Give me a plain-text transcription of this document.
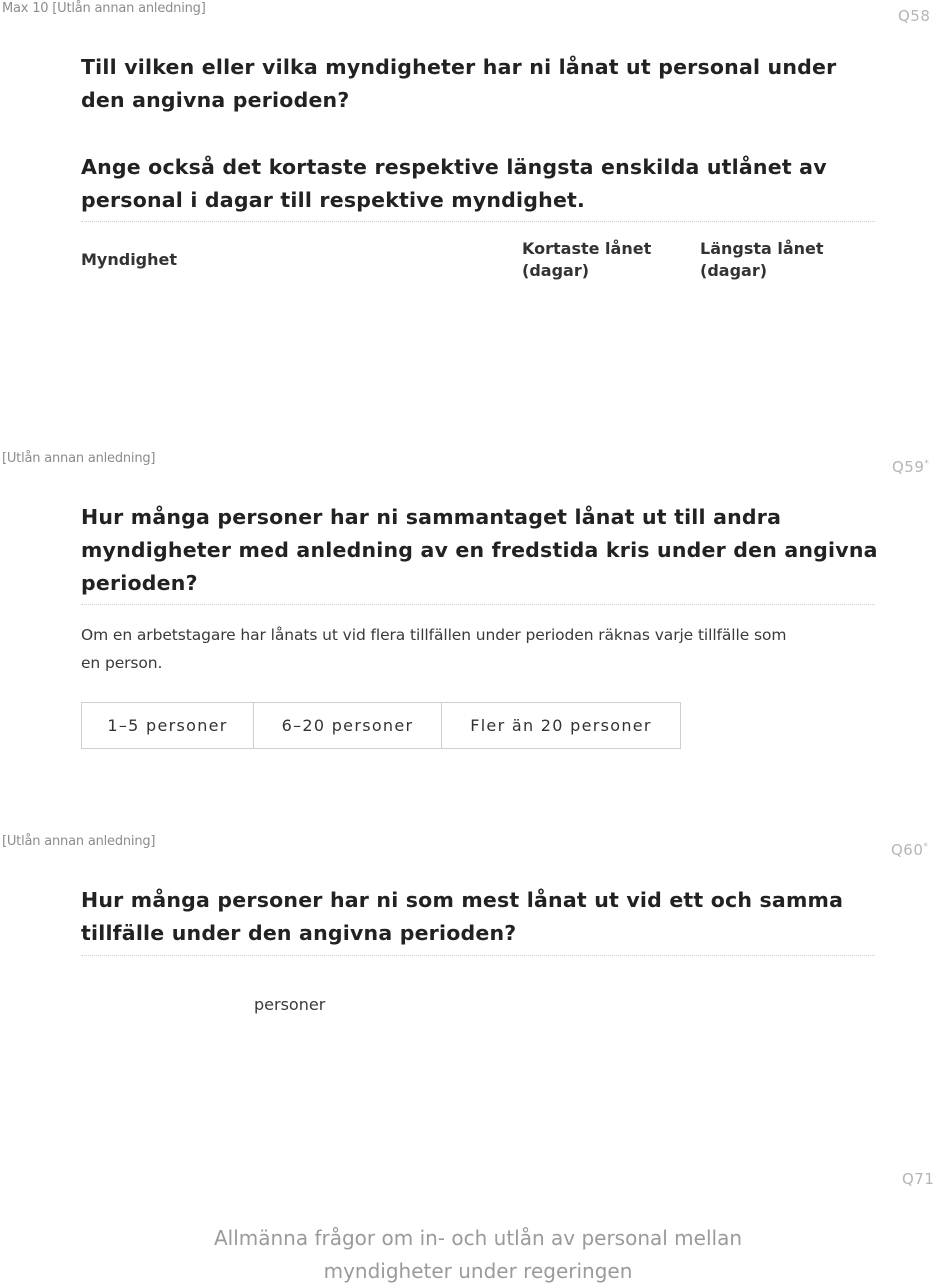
Max 10 [Utlån annan anledning]	Q58
Till vilken eller vilka myndigheter har ni lånat ut personal under
den angivna perioden?
Ange också det kortaste respektive längsta enskilda utlånet av
personal i dagar till respektive myndighet.
Myndighet
Kortaste lånet
(dagar)
Längsta lånet
(dagar)
[Utlån annan anledning]	Q59*
Hur många personer har ni sammantaget lånat ut till andra
myndigheter med anledning av en fredstida kris under den angivna
perioden?
Om en arbetstagare har lånats ut vid flera tillfällen under perioden räknas varje tillfälle som
en person.
1–5 personer	6–20 personer	Fler än 20 personer
[Utlån annan anledning]	Q60*
Hur många personer har ni som mest lånat ut vid ett och samma
tillfälle under den angivna perioden?
personer
Q71
Allmänna frågor om in- och utlån av personal mellan
myndigheter under regeringen
